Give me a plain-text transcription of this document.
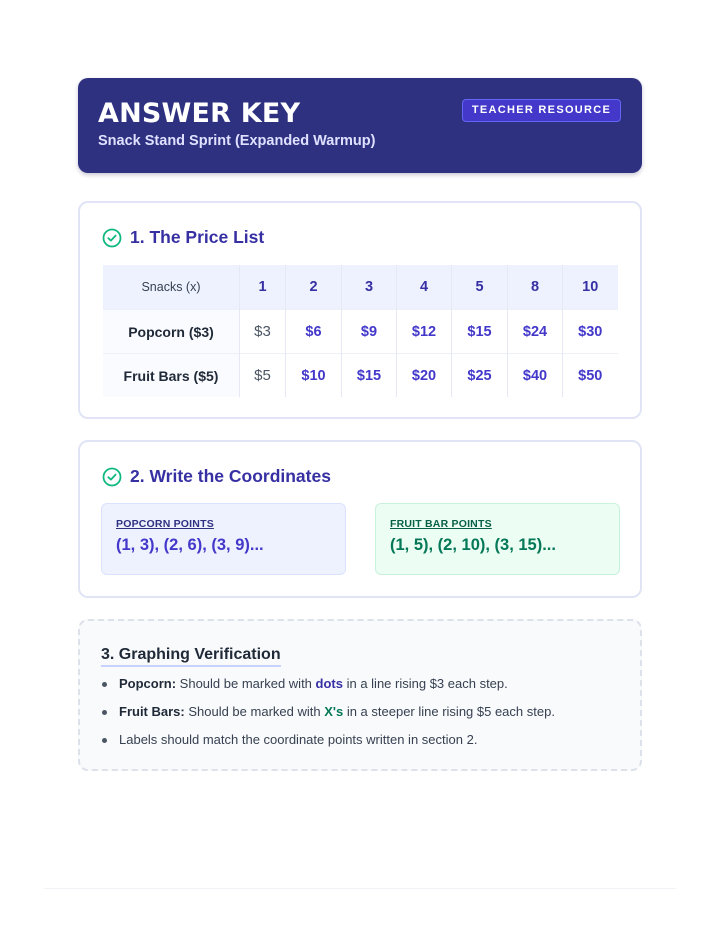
ANSWER KEY
Snack Stand Sprint (Expanded Warmup)
TEACHER RESOURCE
1. The Price List
Snacks (x)	1	2	3	4	5	8	10
Popcorn ($3)	$3	$6	$9	$12	$15	$24	$30
Fruit Bars ($5)	$5	$10	$15	$20	$25	$40	$50
2. Write the Coordinates
POPCORN POINTS
(1, 3), (2, 6), (3, 9)...
FRUIT BAR POINTS
(1, 5), (2, 10), (3, 15)...
3. Graphing Verification
Popcorn: Should be marked with dots in a line rising $3 each step.
Fruit Bars: Should be marked with X's in a steeper line rising $5 each step.
Labels should match the coordinate points written in section 2.
